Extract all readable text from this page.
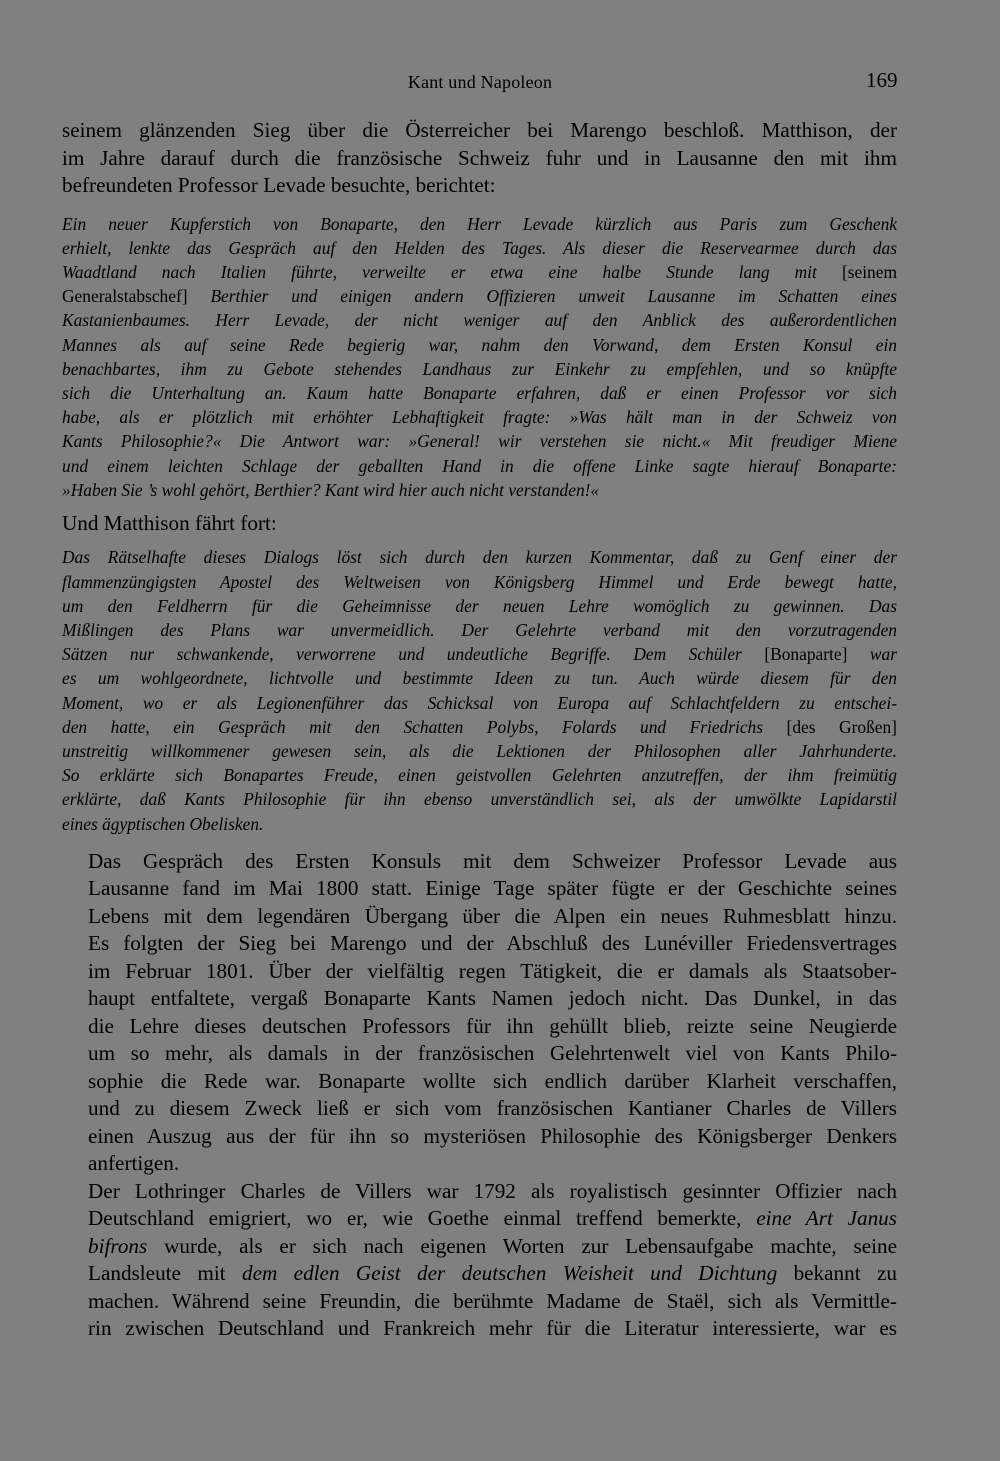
Kant und Napoleon	169

seinem glänzenden Sieg über die Österreicher bei Marengo beschloß. Matthison, der
im Jahre darauf durch die französische Schweiz fuhr und in Lausanne den mit ihm
befreundeten Professor Levade besuchte, berichtet:

Ein neuer Kupferstich von Bonaparte, den Herr Levade kürzlich aus Paris zum Geschenk
erhielt, lenkte das Gespräch auf den Helden des Tages. Als dieser die Reservearmee durch das
Waadtland nach Italien führte, verweilte er etwa eine halbe Stunde lang mit [seinem
Generalstabschef] Berthier und einigen andern Offizieren unweit Lausanne im Schatten eines
Kastanienbaumes. Herr Levade, der nicht weniger auf den Anblick des außerordentlichen
Mannes als auf seine Rede begierig war, nahm den Vorwand, dem Ersten Konsul ein
benachbartes, ihm zu Gebote stehendes Landhaus zur Einkehr zu empfehlen, und so knüpfte
sich die Unterhaltung an. Kaum hatte Bonaparte erfahren, daß er einen Professor vor sich
habe, als er plötzlich mit erhöhter Lebhaftigkeit fragte: »Was hält man in der Schweiz von
Kants Philosophie?« Die Antwort war: »General! wir verstehen sie nicht.« Mit freudiger Miene
und einem leichten Schlage der geballten Hand in die offene Linke sagte hierauf Bonaparte:
»Haben Sie ’s wohl gehört, Berthier? Kant wird hier auch nicht verstanden!«

Und Matthison fährt fort:

Das Rätselhafte dieses Dialogs löst sich durch den kurzen Kommentar, daß zu Genf einer der
flammenzüngigsten Apostel des Weltweisen von Königsberg Himmel und Erde bewegt hatte,
um den Feldherrn für die Geheimnisse der neuen Lehre womöglich zu gewinnen. Das
Mißlingen des Plans war unvermeidlich. Der Gelehrte verband mit den vorzutragenden
Sätzen nur schwankende, verworrene und undeutliche Begriffe. Dem Schüler [Bonaparte] war
es um wohlgeordnete, lichtvolle und bestimmte Ideen zu tun. Auch würde diesem für den
Moment, wo er als Legionenführer das Schicksal von Europa auf Schlachtfeldern zu entschei-
den hatte, ein Gespräch mit den Schatten Polybs, Folards und Friedrichs [des Großen]
unstreitig willkommener gewesen sein, als die Lektionen der Philosophen aller Jahrhunderte.
So erklärte sich Bonapartes Freude, einen geistvollen Gelehrten anzutreffen, der ihm freimütig
erklärte, daß Kants Philosophie für ihn ebenso unverständlich sei, als der umwölkte Lapidarstil
eines ägyptischen Obelisken.

Das Gespräch des Ersten Konsuls mit dem Schweizer Professor Levade aus
Lausanne fand im Mai 1800 statt. Einige Tage später fügte er der Geschichte seines
Lebens mit dem legendären Übergang über die Alpen ein neues Ruhmesblatt hinzu.
Es folgten der Sieg bei Marengo und der Abschluß des Lunéviller Friedensvertrages
im Februar 1801. Über der vielfältig regen Tätigkeit, die er damals als Staatsober-
haupt entfaltete, vergaß Bonaparte Kants Namen jedoch nicht. Das Dunkel, in das
die Lehre dieses deutschen Professors für ihn gehüllt blieb, reizte seine Neugierde
um so mehr, als damals in der französischen Gelehrtenwelt viel von Kants Philo-
sophie die Rede war. Bonaparte wollte sich endlich darüber Klarheit verschaffen,
und zu diesem Zweck ließ er sich vom französischen Kantianer Charles de Villers
einen Auszug aus der für ihn so mysteriösen Philosophie des Königsberger Denkers
anfertigen.

Der Lothringer Charles de Villers war 1792 als royalistisch gesinnter Offizier nach
Deutschland emigriert, wo er, wie Goethe einmal treffend bemerkte, eine Art Janus
bifrons wurde, als er sich nach eigenen Worten zur Lebensaufgabe machte, seine
Landsleute mit dem edlen Geist der deutschen Weisheit und Dichtung bekannt zu
machen. Während seine Freundin, die berühmte Madame de Staël, sich als Vermittle-
rin zwischen Deutschland und Frankreich mehr für die Literatur interessierte, war es
